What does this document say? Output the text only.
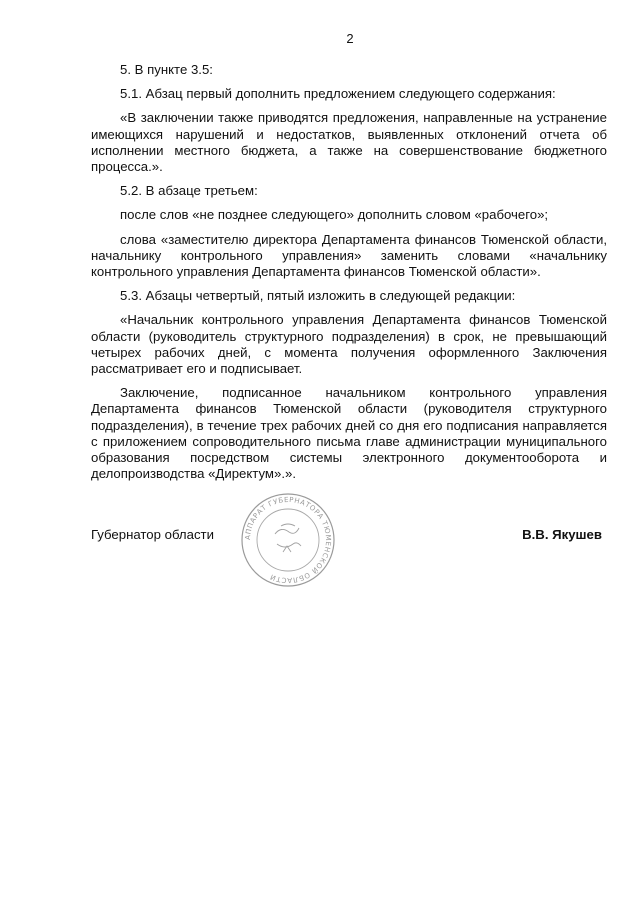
2

5. В пункте 3.5:

5.1. Абзац первый дополнить предложением следующего содержания:

«В заключении также приводятся предложения, направленные на устранение имеющихся нарушений и недостатков, выявленных отклонений отчета об исполнении местного бюджета, а также на совершенствование бюджетного процесса.».

5.2. В абзаце третьем:

после слов «не позднее следующего» дополнить словом «рабочего»;

слова «заместителю директора Департамента финансов Тюменской области, начальнику контрольного управления» заменить словами «начальнику контрольного управления Департамента финансов Тюменской области».

5.3. Абзацы четвертый, пятый изложить в следующей редакции:

«Начальник контрольного управления Департамента финансов Тюменской области (руководитель структурного подразделения) в срок, не превышающий четырех рабочих дней, с момента получения оформленного Заключения рассматривает его и подписывает.

Заключение, подписанное начальником контрольного управления Департамента финансов Тюменской области (руководителя структурного подразделения), в течение трех рабочих дней со дня его подписания направляется с приложением сопроводительного письма главе администрации муниципального образования посредством системы электронного документооборота и делопроизводства «Директум».».

АППАРАТ ГУБЕРНАТОРА ТЮМЕНСКОЙ ОБЛАСТИ
Губернатор области	В.В. Якушев
